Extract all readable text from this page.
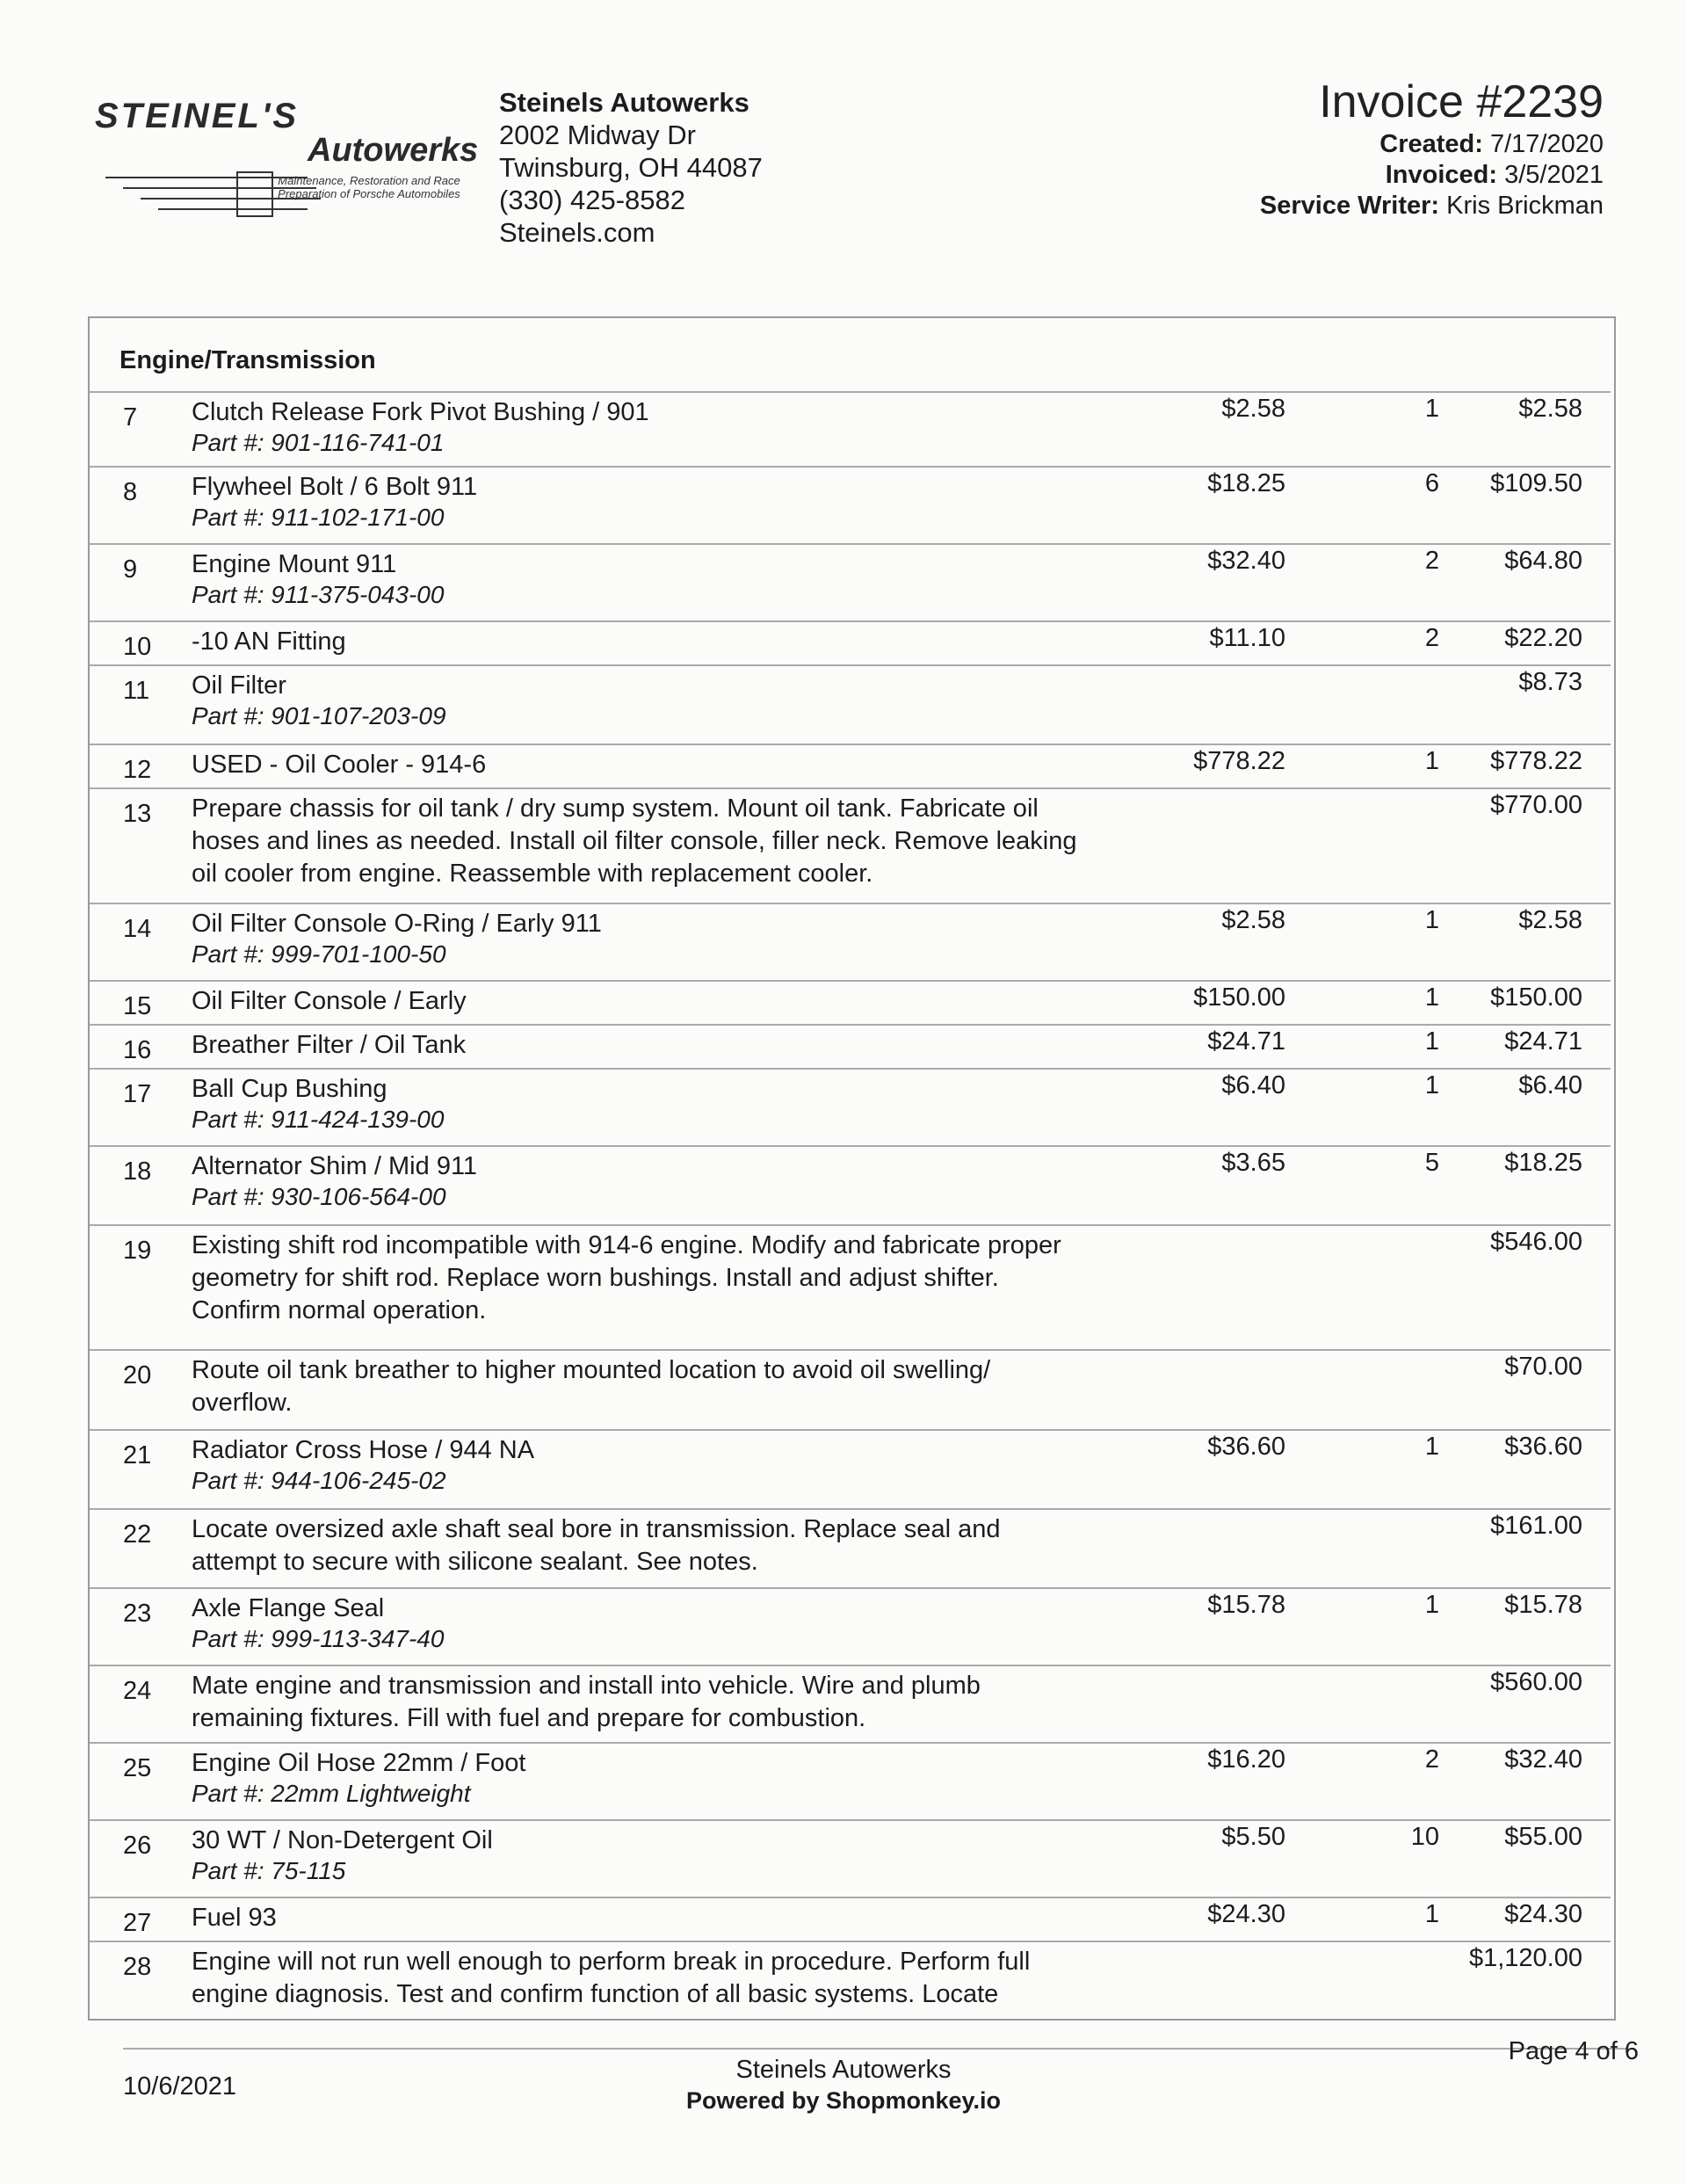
STEINEL'S
Autowerks
Maintenance, Restoration and Race Preparation of Porsche Automobiles
Steinels Autowerks
2002 Midway Dr
Twinsburg, OH 44087
(330) 425-8582
Steinels.com
Invoice #2239
Created: 7/17/2020
Invoiced: 3/5/2021
Service Writer: Kris Brickman
Engine/Transmission
7 Clutch Release Fork Pivot Bushing / 901
Part #: 901-116-741-01
$2.58	1	$2.58
8 Flywheel Bolt / 6 Bolt 911
Part #: 911-102-171-00
$18.25	6 $109.50
9 Engine Mount 911
Part #: 911-375-043-00
$32.40	2	$64.80
10 -10 AN Fitting	$11.10	2	$22.20
11 Oil Filter
Part #: 901-107-203-09
$8.73
12 USED - Oil Cooler - 914-6	$778.22	1 $778.22
13 Prepare chassis for oil tank / dry sump system. Mount oil tank. Fabricate oil
hoses and lines as needed. Install oil filter console, filler neck. Remove leaking
oil cooler from engine. Reassemble with replacement cooler.
$770.00
14 Oil Filter Console O-Ring / Early 911
Part #: 999-701-100-50
$2.58	1	$2.58
15 Oil Filter Console / Early	$150.00	1 $150.00
16 Breather Filter / Oil Tank	$24.71	1	$24.71
17 Ball Cup Bushing
Part #: 911-424-139-00
$6.40	1	$6.40
18 Alternator Shim / Mid 911
Part #: 930-106-564-00
$3.65	5	$18.25
19 Existing shift rod incompatible with 914-6 engine. Modify and fabricate proper
geometry for shift rod. Replace worn bushings. Install and adjust shifter.
Confirm normal operation.
$546.00
20 Route oil tank breather to higher mounted location to avoid oil swelling/
overflow.
$70.00
21 Radiator Cross Hose / 944 NA
Part #: 944-106-245-02
$36.60	1	$36.60
22 Locate oversized axle shaft seal bore in transmission. Replace seal and
attempt to secure with silicone sealant. See notes.
$161.00
23 Axle Flange Seal
Part #: 999-113-347-40
$15.78	1	$15.78
24 Mate engine and transmission and install into vehicle. Wire and plumb
remaining fixtures. Fill with fuel and prepare for combustion.
$560.00
25 Engine Oil Hose 22mm / Foot
Part #: 22mm Lightweight
$16.20	2	$32.40
26 30 WT / Non-Detergent Oil
Part #: 75-115
$5.50	10	$55.00
27 Fuel 93	$24.30	1	$24.30
28 Engine will not run well enough to perform break in procedure. Perform full
engine diagnosis. Test and confirm function of all basic systems. Locate
$1,120.00
10/6/2021
Steinels Autowerks
Powered by Shopmonkey.io
Page 4 of 6
